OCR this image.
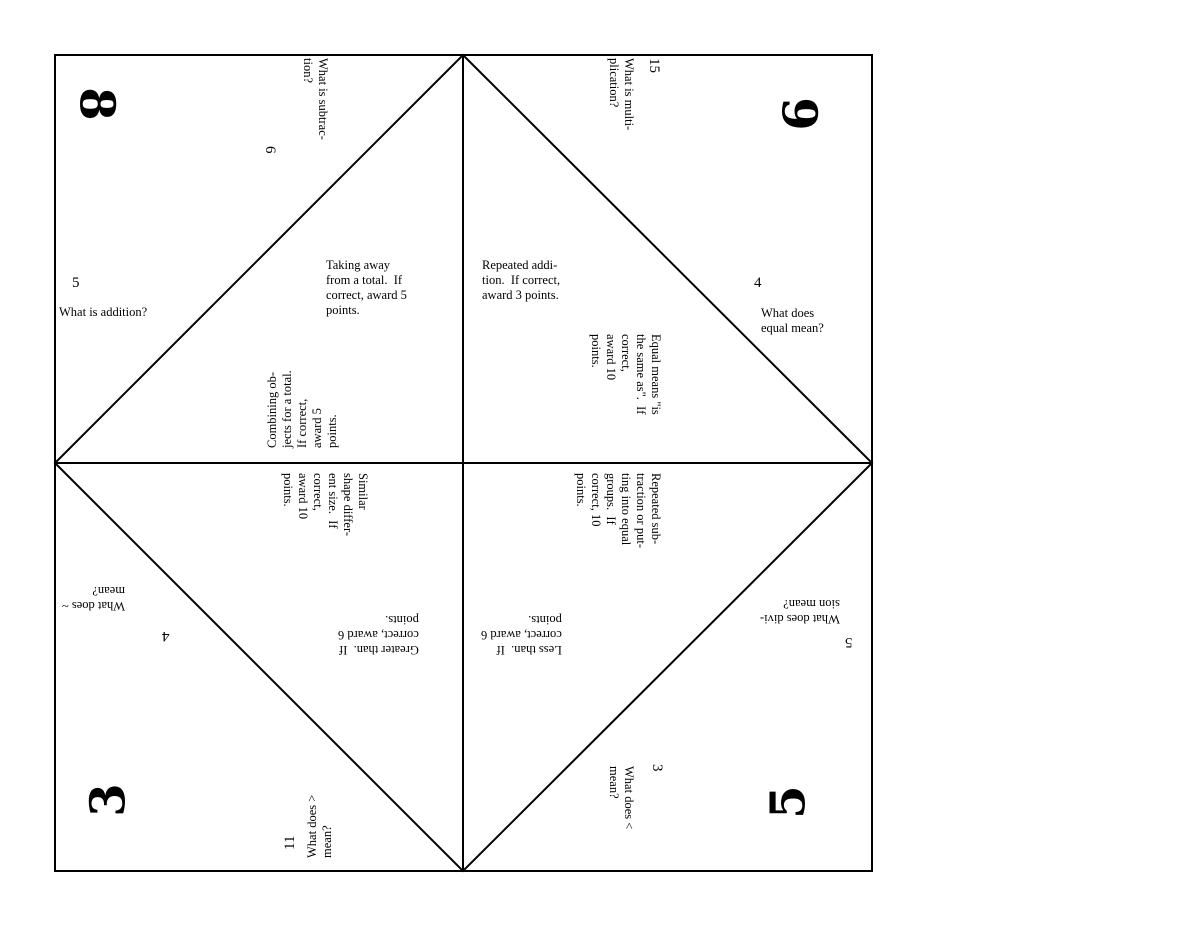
8	9
3	5
6
What is subtrac-
tion?	15
What is multi-
plication?
5
What is addition?
4
What does
equal mean?
Taking away
from a total.  If
correct, award 5
points.
Repeated addi-
tion.  If correct,
award 3 points.
Combining ob-
jects for a total.
If correct,
award 5
points.
Equal means "is
the same as".  If
correct,
award 10
points.
Similar
shape differ-
ent size.  If
correct,
award 10
points.	Repeated sub-
traction or put-
ting into equal
groups.  If
correct, 10
points.
Greater than.  If
correct, award 6
points.
Less than.  If
correct, award 6
points.
4
What does ~
mean?
11 What does >
mean?
5
What does divi-
sion mean?
3
What does <
mean?
